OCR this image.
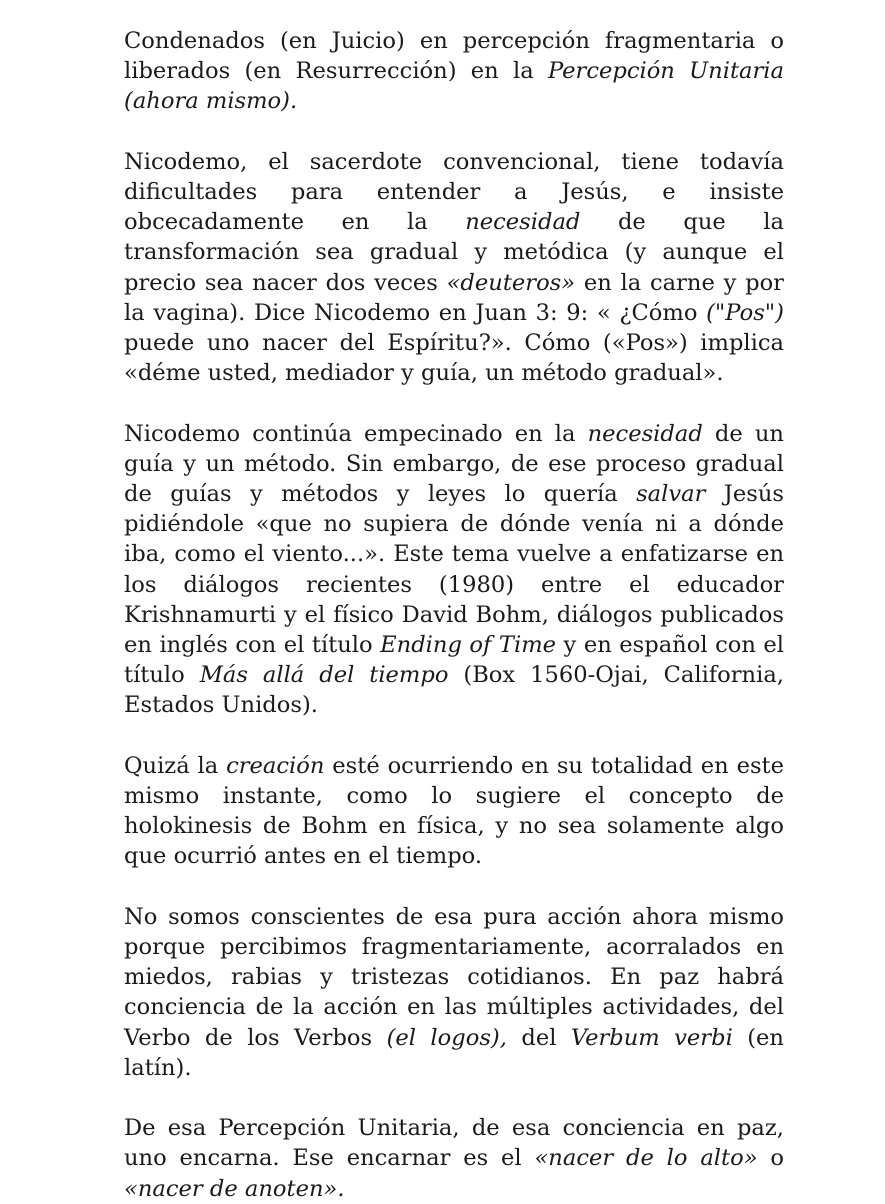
Condenados (en Juicio) en percepción fragmentaria o liberados (en Resurrección) en la Percepción Unitaria (ahora mismo).

Nicodemo, el sacerdote convencional, tiene todavía dificultades para entender a Jesús, e insiste obcecadamente en la necesidad de que la transformación sea gradual y metódica (y aunque el precio sea nacer dos veces «deuteros» en la carne y por la vagina). Dice Nicodemo en Juan 3: 9: « ¿Cómo ("Pos") puede uno nacer del Espíritu?». Cómo («Pos») implica «déme usted, mediador y guía, un método gradual».

Nicodemo continúa empecinado en la necesidad de un guía y un método. Sin embargo, de ese proceso gradual de guías y métodos y leyes lo quería salvar Jesús pidiéndole «que no supiera de dónde venía ni a dónde iba, como el viento...». Este tema vuelve a enfatizarse en los diálogos recientes (1980) entre el educador Krishnamurti y el físico David Bohm, diálogos publicados en inglés con el título Ending of Time y en español con el título Más allá del tiempo (Box 1560-Ojai, California, Estados Unidos).

Quizá la creación esté ocurriendo en su totalidad en este mismo instante, como lo sugiere el concepto de holokinesis de Bohm en física, y no sea solamente algo que ocurrió antes en el tiempo.

No somos conscientes de esa pura acción ahora mismo porque percibimos fragmentariamente, acorralados en miedos, rabias y tristezas cotidianos. En paz habrá conciencia de la acción en las múltiples actividades, del Verbo de los Verbos (el logos), del Verbum verbi (en latín).

De esa Percepción Unitaria, de esa conciencia en paz, uno encarna. Ese encarnar es el «nacer de lo alto» o «nacer de anoten».
